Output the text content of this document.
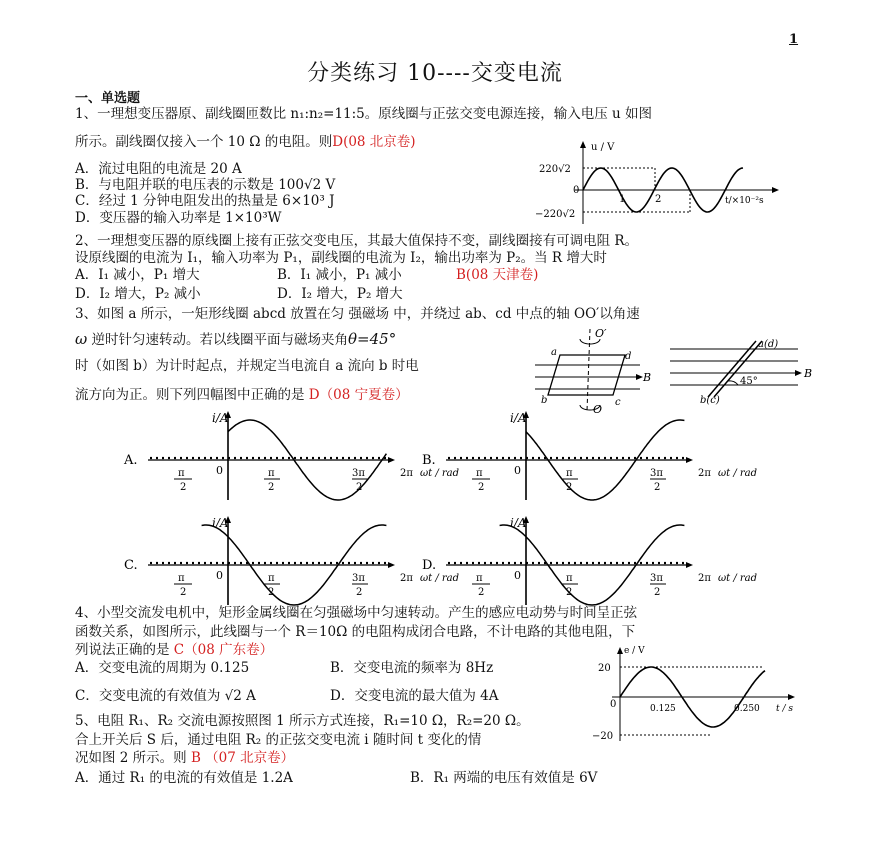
1
分类练习 10----交变电流
一、单选题
1、一理想变压器原、副线圈匝数比 n₁:n₂=11:5。原线圈与正弦交变电源连接，输入电压 u 如图
所示。副线圈仅接入一个 10 Ω 的电阻。则D(08 北京卷)
A．流过电阻的电流是 20 A
B．与电阻并联的电压表的示数是 100√2 V
C．经过 1 分钟电阻发出的热量是 6×10³ J
D．变压器的输入功率是 1×10³W
u / V
220√2
−220√2
0
1	2	t/×10⁻²s
2、一理想变压器的原线圈上接有正弦交变电压，其最大值保持不变，副线圈接有可调电阻 R。
设原线圈的电流为 I₁，输入功率为 P₁，副线圈的电流为 I₂，输出功率为 P₂。当 R 增大时
A．I₁ 减小，P₁ 增大	B．I₁ 减小，P₁ 减小	B(08 天津卷)
D．I₂ 增大，P₂ 减小	D．I₂ 增大，P₂ 增大
3、如图 a 所示，一矩形线圈 abcd 放置在匀 强磁场 中，并绕过 ab、cd 中点的轴 OO′以角速
ω 逆时针匀速转动。若以线圈平面与磁场夹角θ=45°
时（如图 b）为计时起点，并规定当电流自 a 流向 b 时电
流方向为正。则下列四幅图中正确的是 D（08 宁夏卷）
O′
O
a
b	c
d
B
a(d)
b(c)
45°
B
A.
i/A
0
π
2
π
2
3π
2
2π ωt / rad
B.
i/A
0
π
2
π
2
3π
2
2π ωt / rad
C.
i/A
0
π
2
π
2
3π
2
2π ωt / rad
D.
i/A
0
π
2
π
2
3π
2
2π ωt / rad
4、小型交流发电机中，矩形金属线圈在匀强磁场中匀速转动。产生的感应电动势与时间呈正弦
函数关系，如图所示，此线圈与一个 R＝10Ω 的电阻构成闭合电路，不计电路的其他电阻，下
列说法正确的是 C（08 广东卷）
A．交变电流的周期为 0.125	B．交变电流的频率为 8Hz
C．交变电流的有效值为 √2 A	D．交变电流的最大值为 4A
e / V
20
−20
0	0.125	0.250 t / s
5、电阻 R₁、R₂ 交流电源按照图 1 所示方式连接，R₁=10 Ω，R₂=20 Ω。
合上开关后 S 后，通过电阻 R₂ 的正弦交变电流 i 随时间 t 变化的情
况如图 2 所示。则 B （07 北京卷）
A．通过 R₁ 的电流的有效值是 1.2A	B．R₁ 两端的电压有效值是 6V
